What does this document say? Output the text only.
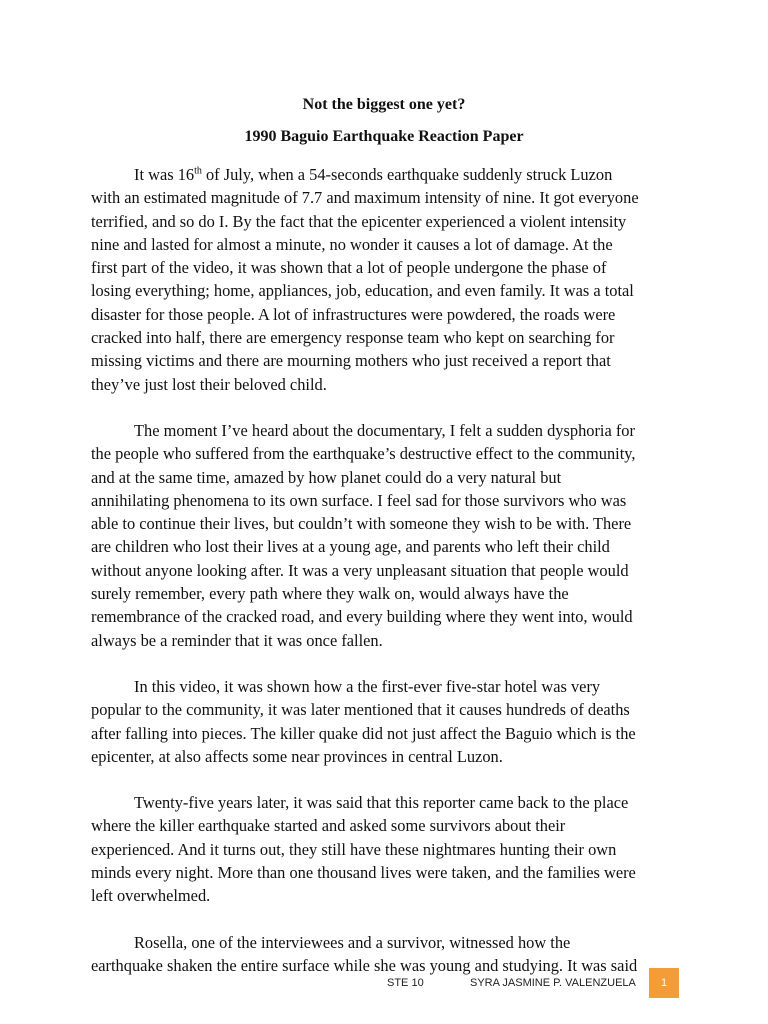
Not the biggest one yet?

1990 Baguio Earthquake Reaction Paper

It was 16th of July, when a 54-seconds earthquake suddenly struck Luzon
with an estimated magnitude of 7.7 and maximum intensity of nine. It got everyone
terrified, and so do I. By the fact that the epicenter experienced a violent intensity
nine and lasted for almost a minute, no wonder it causes a lot of damage. At the
first part of the video, it was shown that a lot of people undergone the phase of
losing everything; home, appliances, job, education, and even family. It was a total
disaster for those people. A lot of infrastructures were powdered, the roads were
cracked into half, there are emergency response team who kept on searching for
missing victims and there are mourning mothers who just received a report that
they’ve just lost their beloved child.

The moment I’ve heard about the documentary, I felt a sudden dysphoria for
the people who suffered from the earthquake’s destructive effect to the community,
and at the same time, amazed by how planet could do a very natural but
annihilating phenomena to its own surface. I feel sad for those survivors who was
able to continue their lives, but couldn’t with someone they wish to be with. There
are children who lost their lives at a young age, and parents who left their child
without anyone looking after. It was a very unpleasant situation that people would
surely remember, every path where they walk on, would always have the
remembrance of the cracked road, and every building where they went into, would
always be a reminder that it was once fallen.

In this video, it was shown how a the first-ever five-star hotel was very
popular to the community, it was later mentioned that it causes hundreds of deaths
after falling into pieces. The killer quake did not just affect the Baguio which is the
epicenter, at also affects some near provinces in central Luzon.

Twenty-five years later, it was said that this reporter came back to the place
where the killer earthquake started and asked some survivors about their
experienced. And it turns out, they still have these nightmares hunting their own
minds every night. More than one thousand lives were taken, and the families were
left overwhelmed.

Rosella, one of the interviewees and a survivor, witnessed how the
earthquake shaken the entire surface while she was young and studying. It was said

STE 10	SYRA JASMINE P. VALENZUELA	1
